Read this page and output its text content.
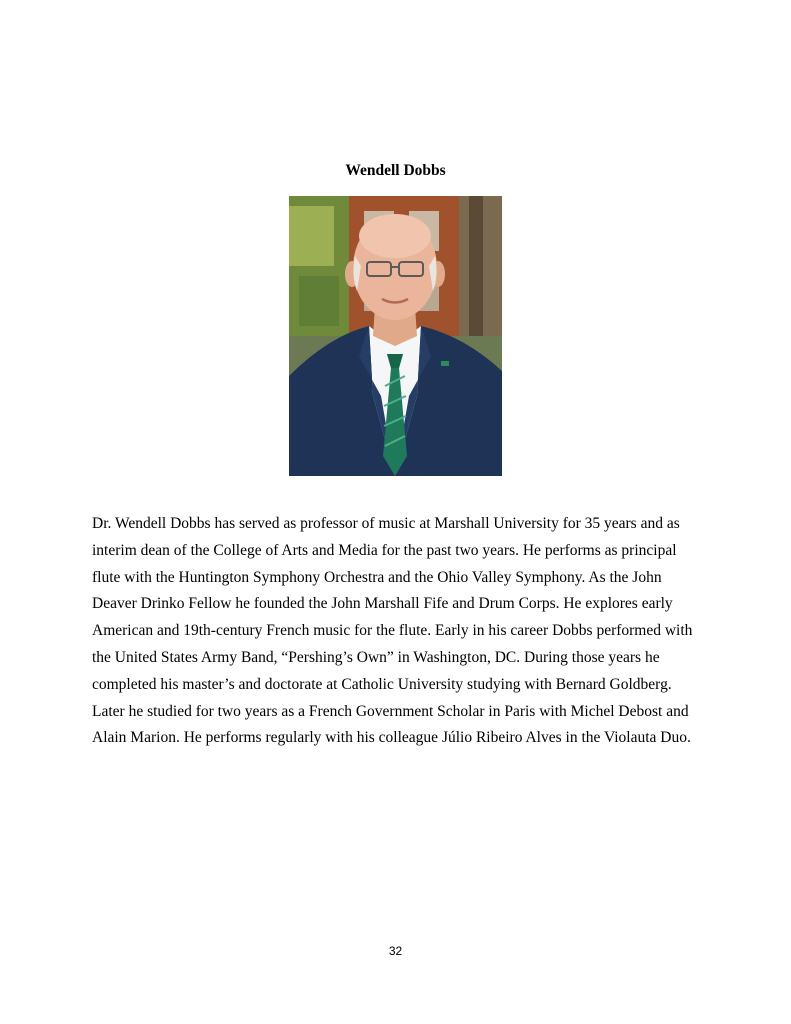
Wendell Dobbs

Dr. Wendell Dobbs has served as professor of music at Marshall University for 35 years and as interim dean of the College of Arts and Media for the past two years. He performs as principal flute with the Huntington Symphony Orchestra and the Ohio Valley Symphony. As the John Deaver Drinko Fellow he founded the John Marshall Fife and Drum Corps. He explores early American and 19th-century French music for the flute. Early in his career Dobbs performed with the United States Army Band, “Pershing’s Own” in Washington, DC. During those years he completed his master’s and doctorate at Catholic University studying with Bernard Goldberg. Later he studied for two years as a French Government Scholar in Paris with Michel Debost and Alain Marion. He performs regularly with his colleague Júlio Ribeiro Alves in the Violauta Duo.

32
